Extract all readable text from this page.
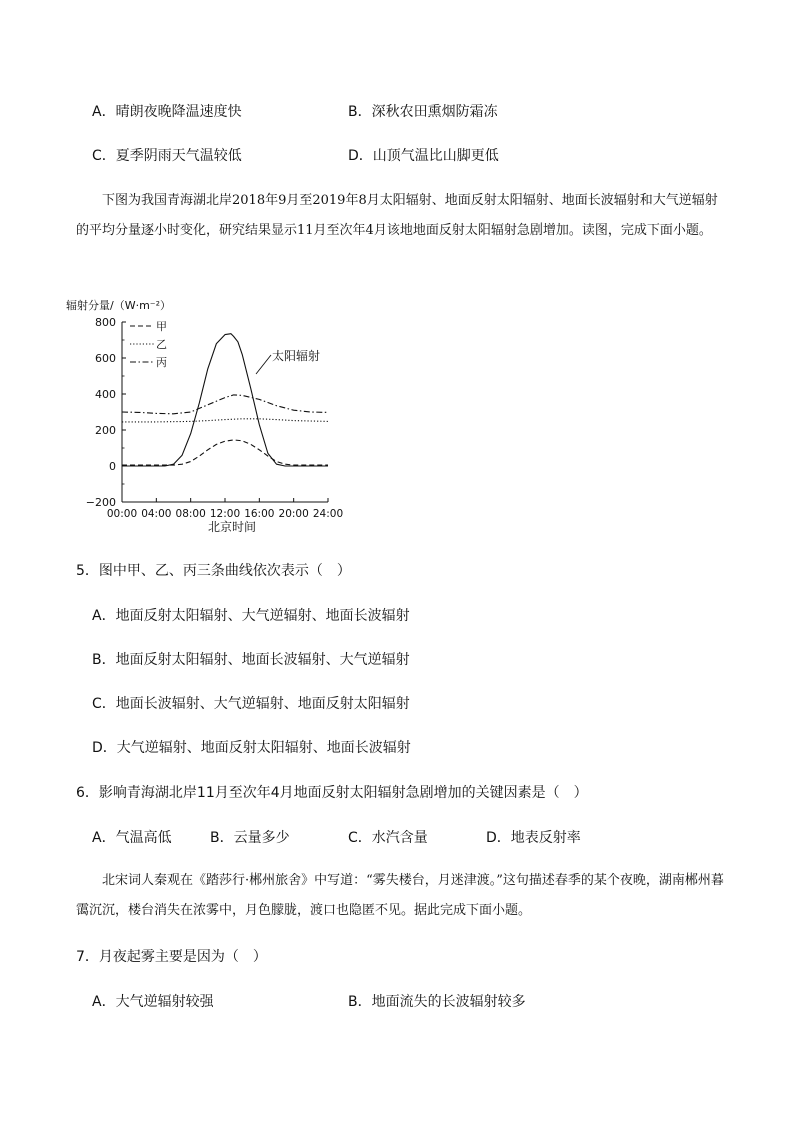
A．晴朗夜晚降温速度快	B．深秋农田熏烟防霜冻
C．夏季阴雨天气温较低	D．山顶气温比山脚更低
下图为我国青海湖北岸2018年9月至2019年8月太阳辐射、地面反射太阳辐射、地面长波辐射和大气逆辐射的平均分量逐小时变化，研究结果显示11月至次年4月该地地面反射太阳辐射急剧增加。读图，完成下面小题。
辐射分量/（W·m⁻²）
800
600
400
200
0
−200
00:00 04:00 08:00 12:00 16:00 20:00 24:00
甲
乙
丙	太阳辐射
北京时间
5．图中甲、乙、丙三条曲线依次表示（　）
A．地面反射太阳辐射、大气逆辐射、地面长波辐射
B．地面反射太阳辐射、地面长波辐射、大气逆辐射
C．地面长波辐射、大气逆辐射、地面反射太阳辐射
D．大气逆辐射、地面反射太阳辐射、地面长波辐射
6．影响青海湖北岸11月至次年4月地面反射太阳辐射急剧增加的关键因素是（　）
A．气温高低	B．云量多少	C．水汽含量	D．地表反射率
北宋词人秦观在《踏莎行·郴州旅舍》中写道：“雾失楼台，月迷津渡。”这句描述春季的某个夜晚，湖南郴州暮霭沉沉，楼台消失在浓雾中，月色朦胧，渡口也隐匿不见。据此完成下面小题。
7．月夜起雾主要是因为（　）
A．大气逆辐射较强	B．地面流失的长波辐射较多
